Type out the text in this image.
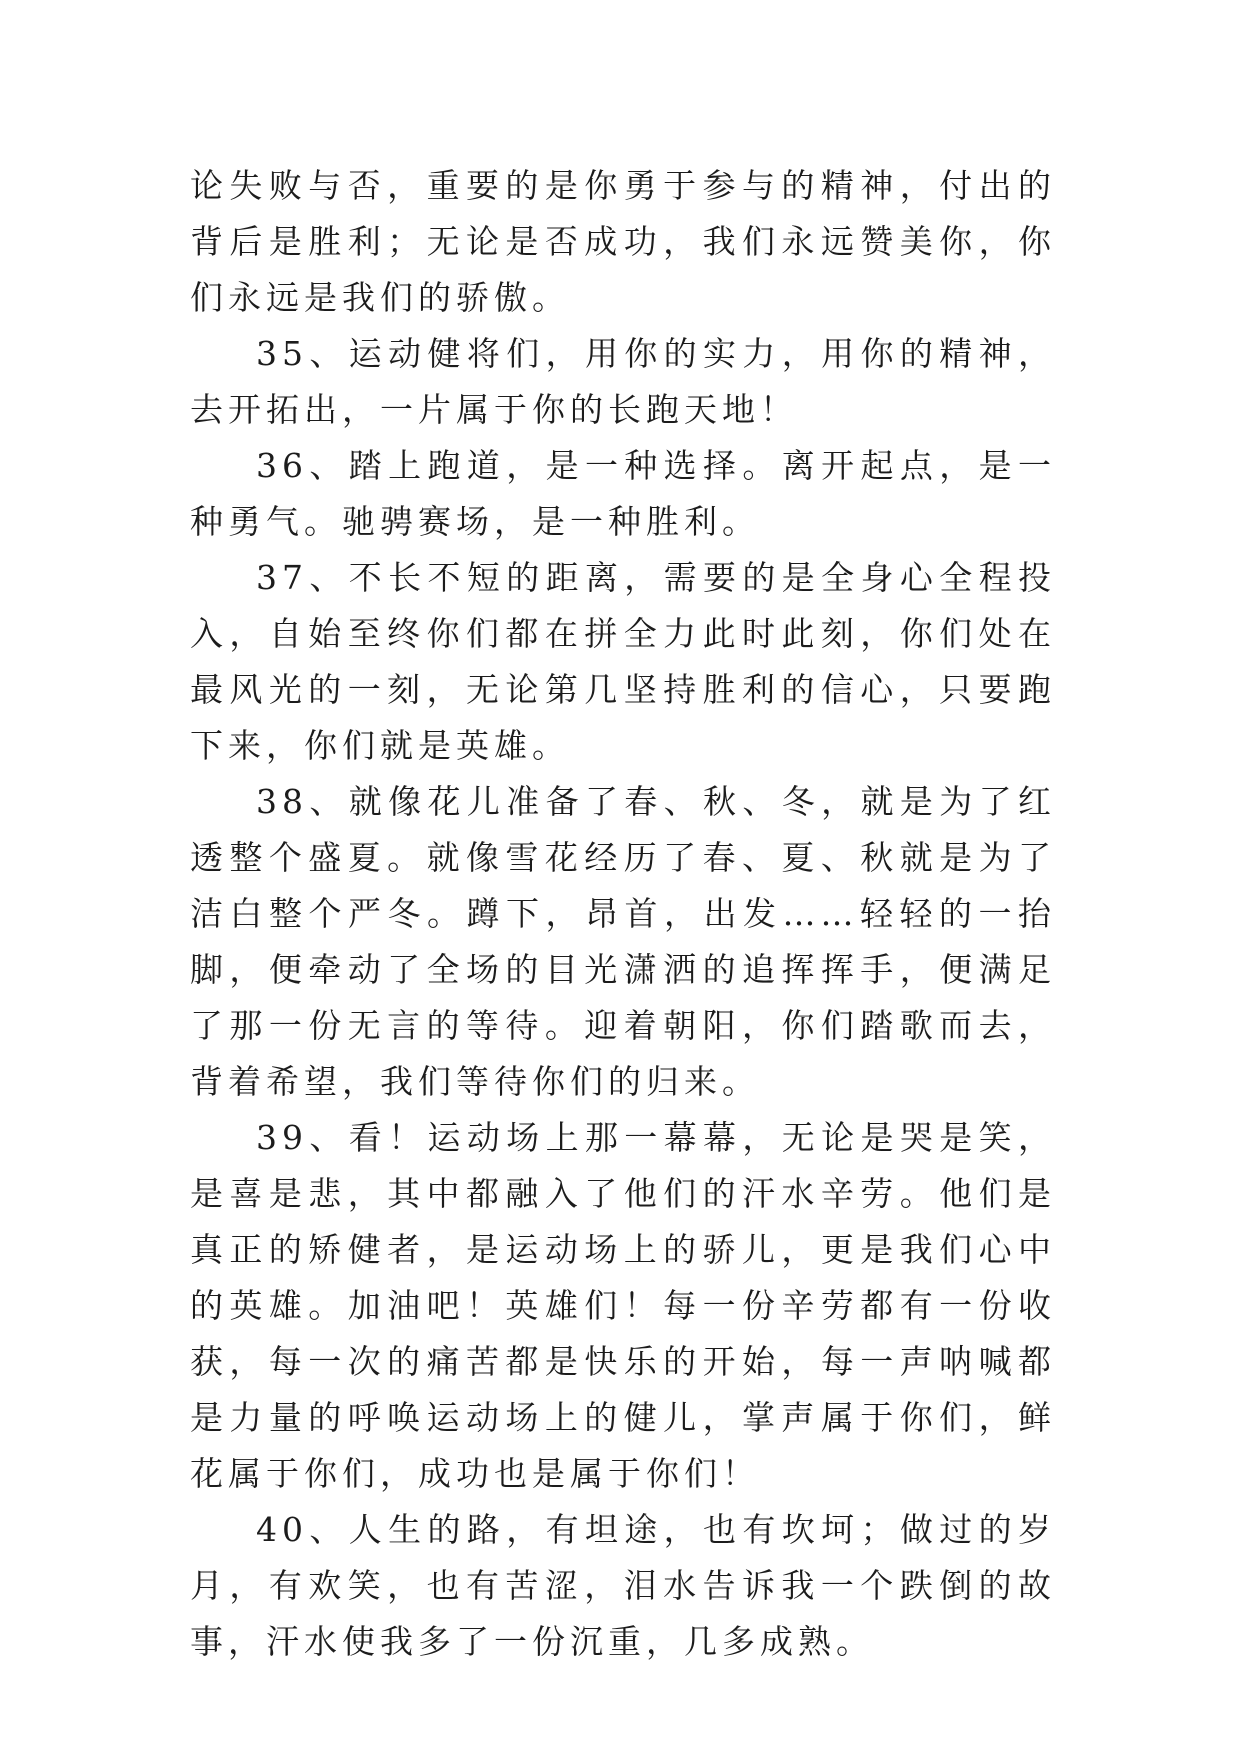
论失败与否，重要的是你勇于参与的精神，付出的背后是胜利；无论是否成功，我们永远赞美你，你们永远是我们的骄傲。

35、运动健将们，用你的实力，用你的精神，去开拓出，一片属于你的长跑天地！

36、踏上跑道，是一种选择。离开起点，是一种勇气。驰骋赛场，是一种胜利。

37、不长不短的距离，需要的是全身心全程投入，自始至终你们都在拼全力此时此刻，你们处在最风光的一刻，无论第几坚持胜利的信心，只要跑下来，你们就是英雄。

38、就像花儿准备了春、秋、冬，就是为了红透整个盛夏。就像雪花经历了春、夏、秋就是为了洁白整个严冬。蹲下，昂首，出发……轻轻的一抬脚，便牵动了全场的目光潇洒的追挥挥手，便满足了那一份无言的等待。迎着朝阳，你们踏歌而去，背着希望，我们等待你们的归来。

39、看！运动场上那一幕幕，无论是哭是笑，是喜是悲，其中都融入了他们的汗水辛劳。他们是真正的矫健者，是运动场上的骄儿，更是我们心中的英雄。加油吧！英雄们！每一份辛劳都有一份收获，每一次的痛苦都是快乐的开始，每一声呐喊都是力量的呼唤运动场上的健儿，掌声属于你们，鲜花属于你们，成功也是属于你们！

40、人生的路，有坦途，也有坎坷；做过的岁月，有欢笑，也有苦涩，泪水告诉我一个跌倒的故事，汗水使我多了一份沉重，几多成熟。
